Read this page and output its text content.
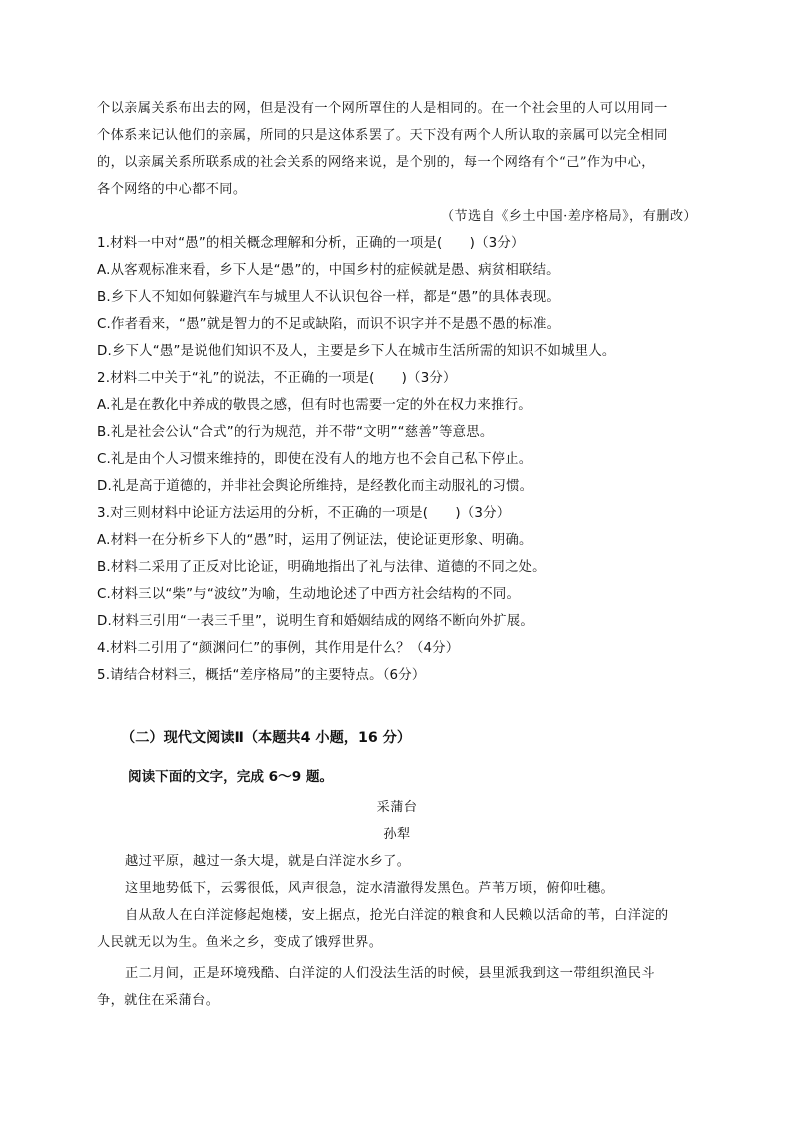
个以亲属关系布出去的网，但是没有一个网所罩住的人是相同的。在一个社会里的人可以用同一
个体系来记认他们的亲属，所同的只是这体系罢了。天下没有两个人所认取的亲属可以完全相同
的，以亲属关系所联系成的社会关系的网络来说，是个别的，每一个网络有个“己”作为中心，
各个网络的中心都不同。
（节选自《乡土中国·差序格局》，有删改）
1.材料一中对“愚”的相关概念理解和分析，正确的一项是(　　)（3分）
A.从客观标准来看，乡下人是“愚”的，中国乡村的症候就是愚、病贫相联结。
B.乡下人不知如何躲避汽车与城里人不认识包谷一样，都是“愚”的具体表现。
C.作者看来，“愚”就是智力的不足或缺陷，而识不识字并不是愚不愚的标准。
D.乡下人“愚”是说他们知识不及人，主要是乡下人在城市生活所需的知识不如城里人。
2.材料二中关于“礼”的说法，不正确的一项是(　　)（3分）
A.礼是在教化中养成的敬畏之感，但有时也需要一定的外在权力来推行。
B.礼是社会公认“合式”的行为规范，并不带“文明”“慈善”等意思。
C.礼是由个人习惯来维持的，即使在没有人的地方也不会自己私下停止。
D.礼是高于道德的，并非社会舆论所维持，是经教化而主动服礼的习惯。
3.对三则材料中论证方法运用的分析，不正确的一项是(　　)（3分）
A.材料一在分析乡下人的“愚”时，运用了例证法，使论证更形象、明确。
B.材料二采用了正反对比论证，明确地指出了礼与法律、道德的不同之处。
C.材料三以“柴”与“波纹”为喻，生动地论述了中西方社会结构的不同。
D.材料三引用“一表三千里”，说明生育和婚姻结成的网络不断向外扩展。
4.材料二引用了“颜渊问仁”的事例，其作用是什么？（4分）
5.请结合材料三，概括“差序格局”的主要特点。（6分）
（二）现代文阅读Ⅱ（本题共4 小题，16 分）
阅读下面的文字，完成 6～9 题。
采蒲台
孙犁
越过平原，越过一条大堤，就是白洋淀水乡了。
这里地势低下，云雾很低，风声很急，淀水清澈得发黑色。芦苇万顷，俯仰吐穗。
自从敌人在白洋淀修起炮楼，安上据点，抢光白洋淀的粮食和人民赖以活命的苇，白洋淀的
人民就无以为生。鱼米之乡，变成了饿殍世界。
正二月间，正是环境残酷、白洋淀的人们没法生活的时候，县里派我到这一带组织渔民斗
争，就住在采蒲台。
